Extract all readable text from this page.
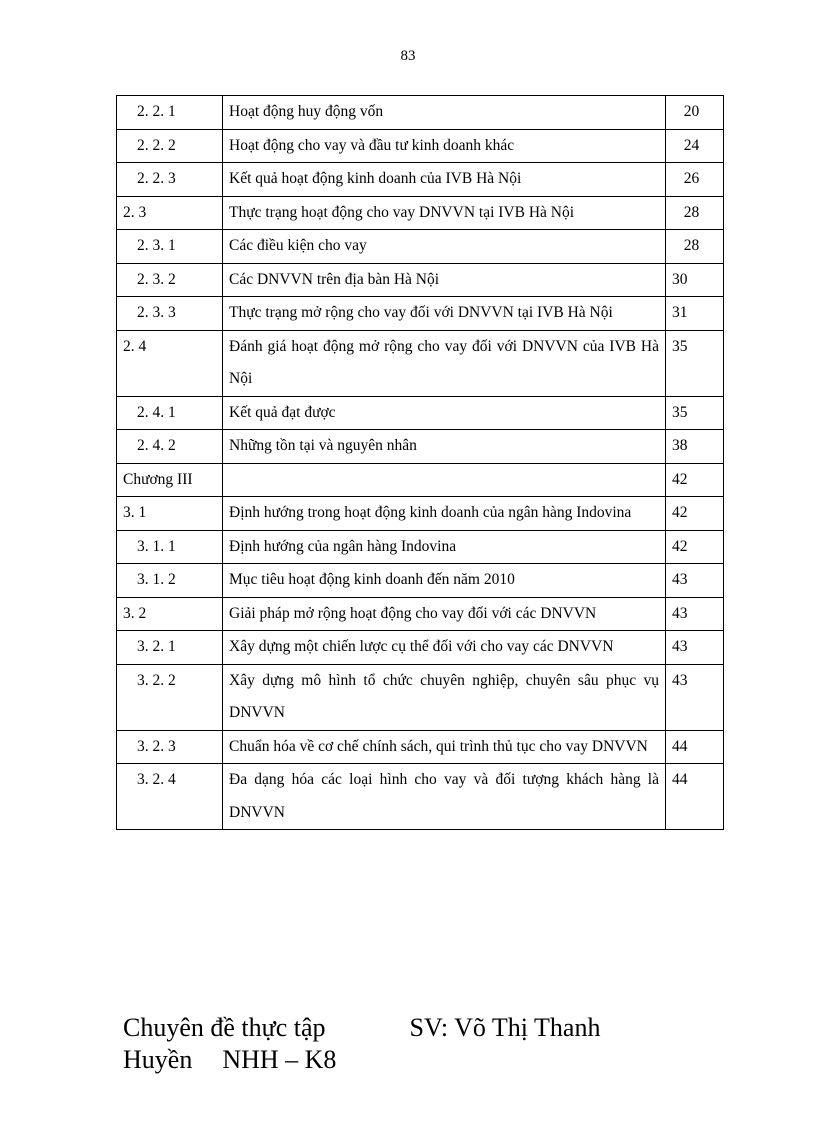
83
2. 2. 1	Hoạt động huy động vốn	20
2. 2. 2	Hoạt động cho vay và đầu tư kinh doanh khác	24
2. 2. 3	Kết quả hoạt động kinh doanh của IVB Hà Nội	26
2. 3	Thực trạng hoạt động cho vay DNVVN tại IVB Hà Nội	28
2. 3. 1	Các điều kiện cho vay	28
2. 3. 2	Các DNVVN trên địa bàn Hà Nội	30
2. 3. 3	Thực trạng mở rộng cho vay đối với DNVVN tại IVB Hà Nội	31
2. 4	Đánh giá hoạt động mở rộng cho vay đối với DNVVN của IVB Hà Nội	35
2. 4. 1	Kết quả đạt được	35
2. 4. 2	Những tồn tại và nguyên nhân	38
Chương III		42
3. 1	Định hướng trong hoạt động kinh doanh của ngân hàng Indovina	42
3. 1. 1	Định hướng của ngân hàng Indovina	42
3. 1. 2	Mục tiêu hoạt động kinh doanh đến năm 2010	43
3. 2	Giải pháp mở rộng hoạt động cho vay đối với các DNVVN	43
3. 2. 1	Xây dựng một chiến lược cụ thể đối với cho vay các DNVVN	43
3. 2. 2	Xây dựng mô hình tổ chức chuyên nghiệp, chuyên sâu phục vụ DNVVN	43
3. 2. 3	Chuẩn hóa về cơ chế chính sách, qui trình thủ tục cho vay DNVVN	44
3. 2. 4	Đa dạng hóa các loại hình cho vay và đối tượng khách hàng là DNVVN	44
Chuyên đề thực tập	SV: Võ Thị Thanh
Huyền NHH – K8
